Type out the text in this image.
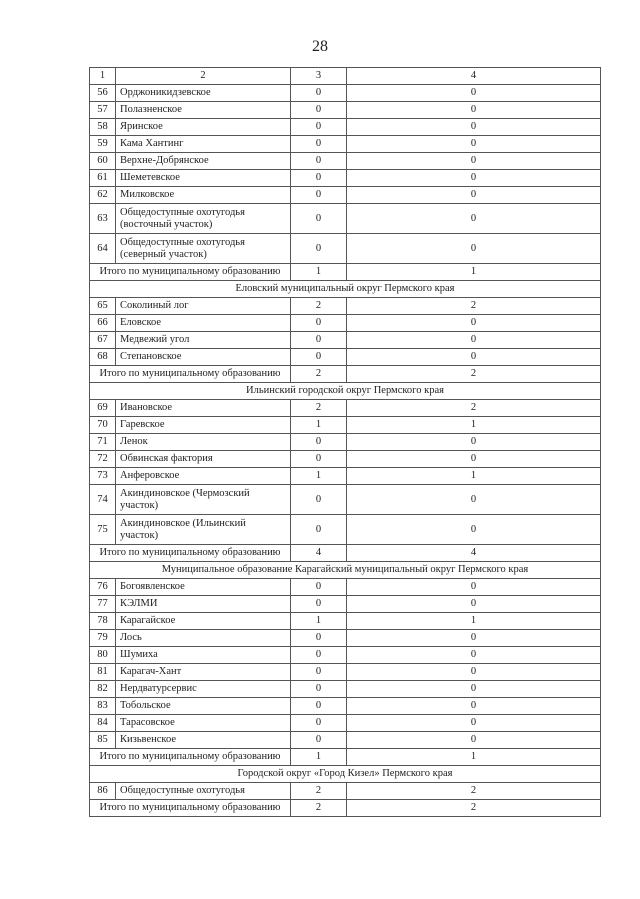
28
1	2	3	4
56	Орджоникидзевское	0	0
57	Полазненское	0	0
58	Яринское	0	0
59	Кама Хантинг	0	0
60	Верхне-Добрянское	0	0
61	Шеметевское	0	0
62	Милковское	0	0
63	Общедоступные охотугодья (восточный участок)	0	0
64	Общедоступные охотугодья (северный участок)	0	0
Итого по муниципальному образованию		1	1
Еловский муниципальный округ Пермского края			
65	Соколиный лог	2	2
66	Еловское	0	0
67	Медвежий угол	0	0
68	Степановское	0	0
Итого по муниципальному образованию		2	2
Ильинский городской округ Пермского края			
69	Ивановское	2	2
70	Гаревское	1	1
71	Ленок	0	0
72	Обвинская фактория	0	0
73	Анферовское	1	1
74	Акиндиновское (Чермозский участок)	0	0
75	Акиндиновское (Ильинский участок)	0	0
Итого по муниципальному образованию		4	4
Муниципальное образование Карагайский муниципальный округ Пермского края			
76	Богоявленское	0	0
77	КЭЛМИ	0	0
78	Карагайское	1	1
79	Лось	0	0
80	Шумиха	0	0
81	Карагач-Хант	0	0
82	Нердватурсервис	0	0
83	Тобольское	0	0
84	Тарасовское	0	0
85	Кизьвенское	0	0
Итого по муниципальному образованию		1	1
Городской округ «Город Кизел» Пермского края			
86	Общедоступные охотугодья	2	2
Итого по муниципальному образованию		2	2
